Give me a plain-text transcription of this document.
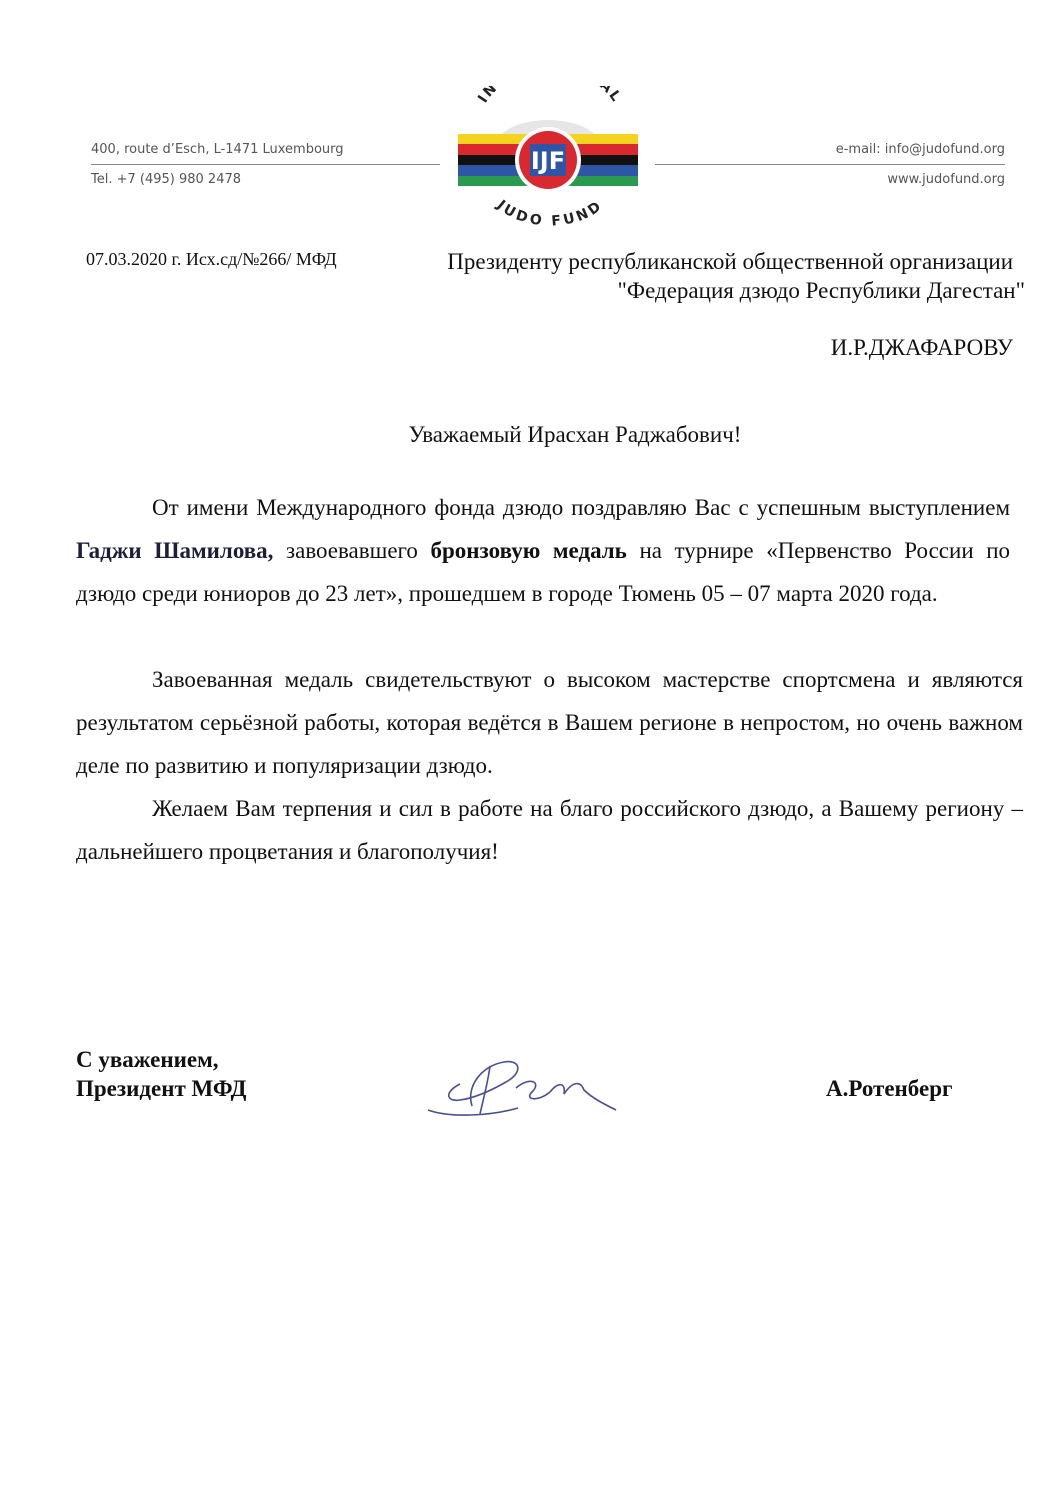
400, route d’Esch, L-1471 Luxembourg
Tel. +7 (495) 980 2478
e-mail: info@judofund.org
www.judofund.org
IN AL
JUDO FUND
IJF
07.03.2020 г. Исх.сд/№266/ МФД	Президенту республиканской общественной организации
"Федерация дзюдо Республики Дагестан"
И.Р.ДЖАФАРОВУ
Уважаемый Ирасхан Раджабович!
От имени Международного фонда дзюдо поздравляю Вас с успешным выступлением Гаджи Шамилова, завоевавшего бронзовую медаль на турнире «Первенство России по дзюдо среди юниоров до 23 лет», прошедшем в городе Тюмень 05 – 07 марта 2020 года.
Завоеванная медаль свидетельствуют о высоком мастерстве спортсмена и являются результатом серьёзной работы, которая ведётся в Вашем регионе в непростом, но очень важном деле по развитию и популяризации дзюдо.
Желаем Вам терпения и сил в работе на благо российского дзюдо, а Вашему региону – дальнейшего процветания и благополучия!
С уважением,
Президент МФД	А.Ротенберг
